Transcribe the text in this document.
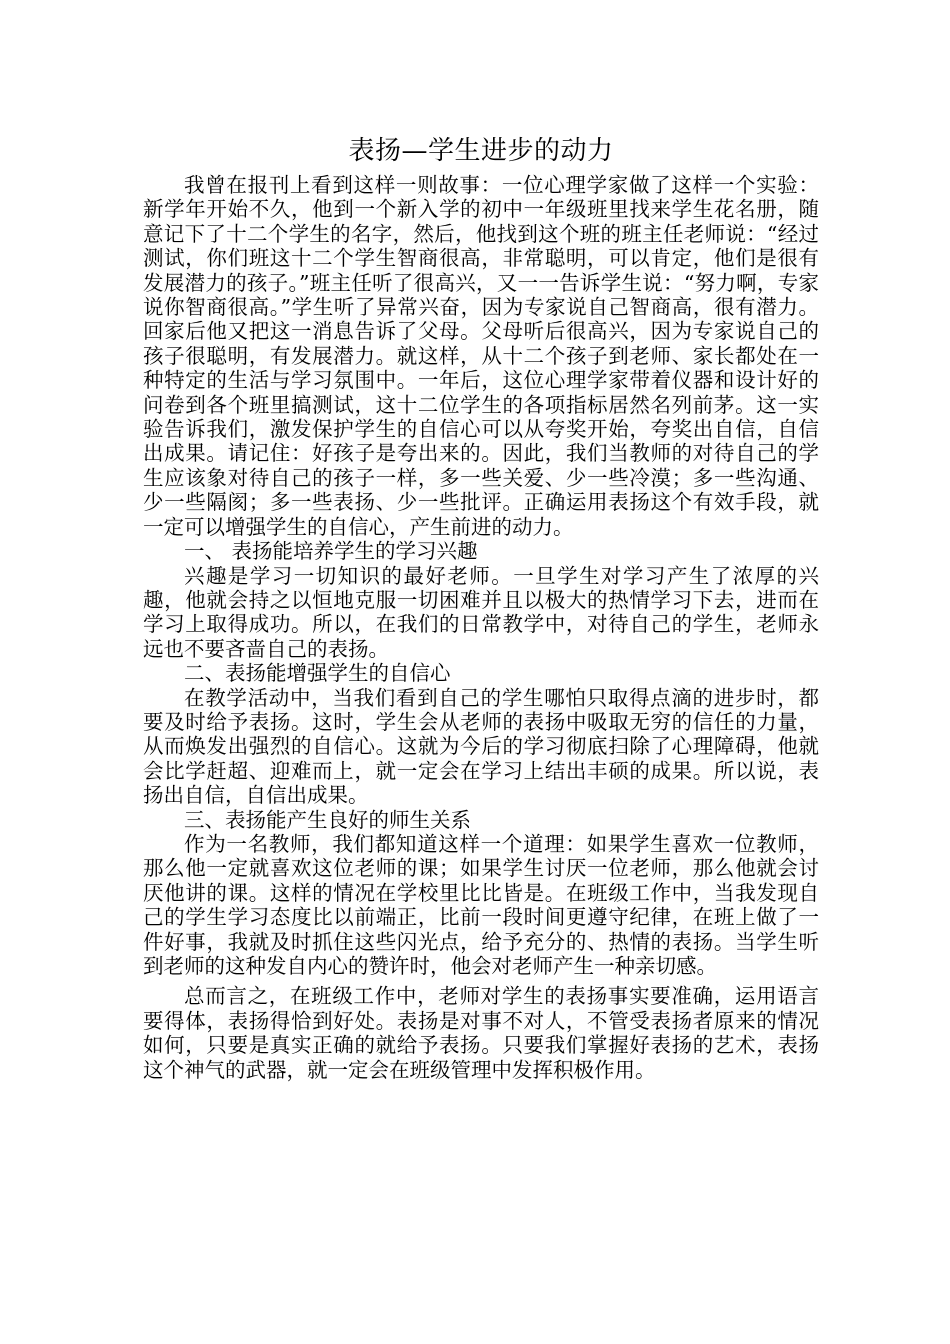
表扬—学生进步的动力

我曾在报刊上看到这样一则故事：一位心理学家做了这样一个实验：新学年开始不久，他到一个新入学的初中一年级班里找来学生花名册，随意记下了十二个学生的名字，然后，他找到这个班的班主任老师说：“经过测试，你们班这十二个学生智商很高，非常聪明，可以肯定，他们是很有发展潜力的孩子。”班主任听了很高兴，又一一告诉学生说：“努力啊，专家说你智商很高。”学生听了异常兴奋，因为专家说自己智商高，很有潜力。回家后他又把这一消息告诉了父母。父母听后很高兴，因为专家说自己的孩子很聪明，有发展潜力。就这样，从十二个孩子到老师、家长都处在一种特定的生活与学习氛围中。一年后，这位心理学家带着仪器和设计好的问卷到各个班里搞测试，这十二位学生的各项指标居然名列前茅。这一实验告诉我们，激发保护学生的自信心可以从夸奖开始，夸奖出自信，自信出成果。请记住：好孩子是夸出来的。因此，我们当教师的对待自己的学生应该象对待自己的孩子一样，多一些关爱、少一些冷漠；多一些沟通、少一些隔阂；多一些表扬、少一些批评。正确运用表扬这个有效手段，就一定可以增强学生的自信心，产生前进的动力。

一、 表扬能培养学生的学习兴趣

兴趣是学习一切知识的最好老师。一旦学生对学习产生了浓厚的兴趣，他就会持之以恒地克服一切困难并且以极大的热情学习下去，进而在学习上取得成功。所以，在我们的日常教学中，对待自己的学生，老师永远也不要吝啬自己的表扬。

二、表扬能增强学生的自信心

在教学活动中，当我们看到自己的学生哪怕只取得点滴的进步时，都要及时给予表扬。这时，学生会从老师的表扬中吸取无穷的信任的力量，从而焕发出强烈的自信心。这就为今后的学习彻底扫除了心理障碍，他就会比学赶超、迎难而上，就一定会在学习上结出丰硕的成果。所以说，表扬出自信，自信出成果。

三、表扬能产生良好的师生关系

作为一名教师，我们都知道这样一个道理：如果学生喜欢一位教师，那么他一定就喜欢这位老师的课；如果学生讨厌一位老师，那么他就会讨厌他讲的课。这样的情况在学校里比比皆是。在班级工作中，当我发现自己的学生学习态度比以前端正，比前一段时间更遵守纪律，在班上做了一件好事，我就及时抓住这些闪光点，给予充分的、热情的表扬。当学生听到老师的这种发自内心的赞许时，他会对老师产生一种亲切感。

总而言之，在班级工作中，老师对学生的表扬事实要准确，运用语言要得体，表扬得恰到好处。表扬是对事不对人，不管受表扬者原来的情况如何，只要是真实正确的就给予表扬。只要我们掌握好表扬的艺术，表扬这个神气的武器，就一定会在班级管理中发挥积极作用。
